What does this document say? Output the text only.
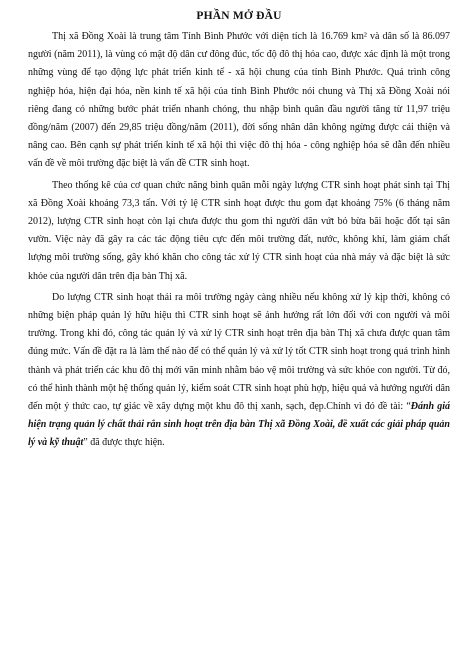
PHẦN MỞ ĐẦU

Thị xã Đồng Xoài là trung tâm Tỉnh Bình Phước với diện tích là 16.769 km² và dân số là 86.097 người (năm 2011), là vùng có mật độ dân cư đông đúc, tốc độ đô thị hóa cao, được xác định là một trong những vùng để tạo động lực phát triển kinh tế - xã hội chung của tỉnh Bình Phước. Quá trình công nghiệp hóa, hiện đại hóa, nền kinh tế xã hội của tỉnh Bình Phước nói chung và Thị xã Đồng Xoài nói riêng đang có những bước phát triển nhanh chóng, thu nhập bình quân đầu người tăng từ 11,97 triệu đồng/năm (2007) đến 29,85 triệu đồng/năm (2011), đời sống nhân dân không ngừng được cải thiện và nâng cao. Bên cạnh sự phát triển kinh tế xã hội thì việc đô thị hóa - công nghiệp hóa sẽ dẫn đến nhiều vấn đề về môi trường đặc biệt là vấn đề CTR sinh hoạt.

Theo thống kê của cơ quan chức năng bình quân mỗi ngày lượng CTR sinh hoạt phát sinh tại Thị xã Đồng Xoài khoảng 73,3 tấn. Với tỷ lệ CTR sinh hoạt được thu gom đạt khoảng 75% (6 tháng năm 2012), lượng CTR sinh hoạt còn lại chưa được thu gom thì người dân vứt bỏ bừa bãi hoặc đốt tại sân vườn. Việc này đã gây ra các tác động tiêu cực đến môi trường đất, nước, không khí, làm giảm chất lượng môi trường sống, gây khó khăn cho công tác xử lý CTR sinh hoạt của nhà máy và đặc biệt là sức khỏe của người dân trên địa bàn Thị xã.

Do lượng CTR sinh hoạt thải ra môi trường ngày càng nhiều nếu không xử lý kịp thời, không có những biện pháp quản lý hữu hiệu thì CTR sinh hoạt sẽ ảnh hưởng rất lớn đối với con người và môi trường. Trong khi đó, công tác quản lý và xử lý CTR sinh hoạt trên địa bàn Thị xã chưa được quan tâm đúng mức. Vấn đề đặt ra là làm thế nào để có thể quản lý và xử lý tốt CTR sinh hoạt trong quá trình hình thành và phát triển các khu đô thị mới văn minh nhằm bảo vệ môi trường và sức khỏe con người. Từ đó, có thể hình thành một hệ thống quản lý, kiểm soát CTR sinh hoạt phù hợp, hiệu quả và hướng người dân đến một ý thức cao, tự giác về xây dựng một khu đô thị xanh, sạch, đẹp.Chính vì đó đề tài: “Đánh giá hiện trạng quản lý chất thải rắn sinh hoạt trên địa bàn Thị xã Đồng Xoài, đề xuất các giải pháp quản lý và kỹ thuật” đã được thực hiện.
